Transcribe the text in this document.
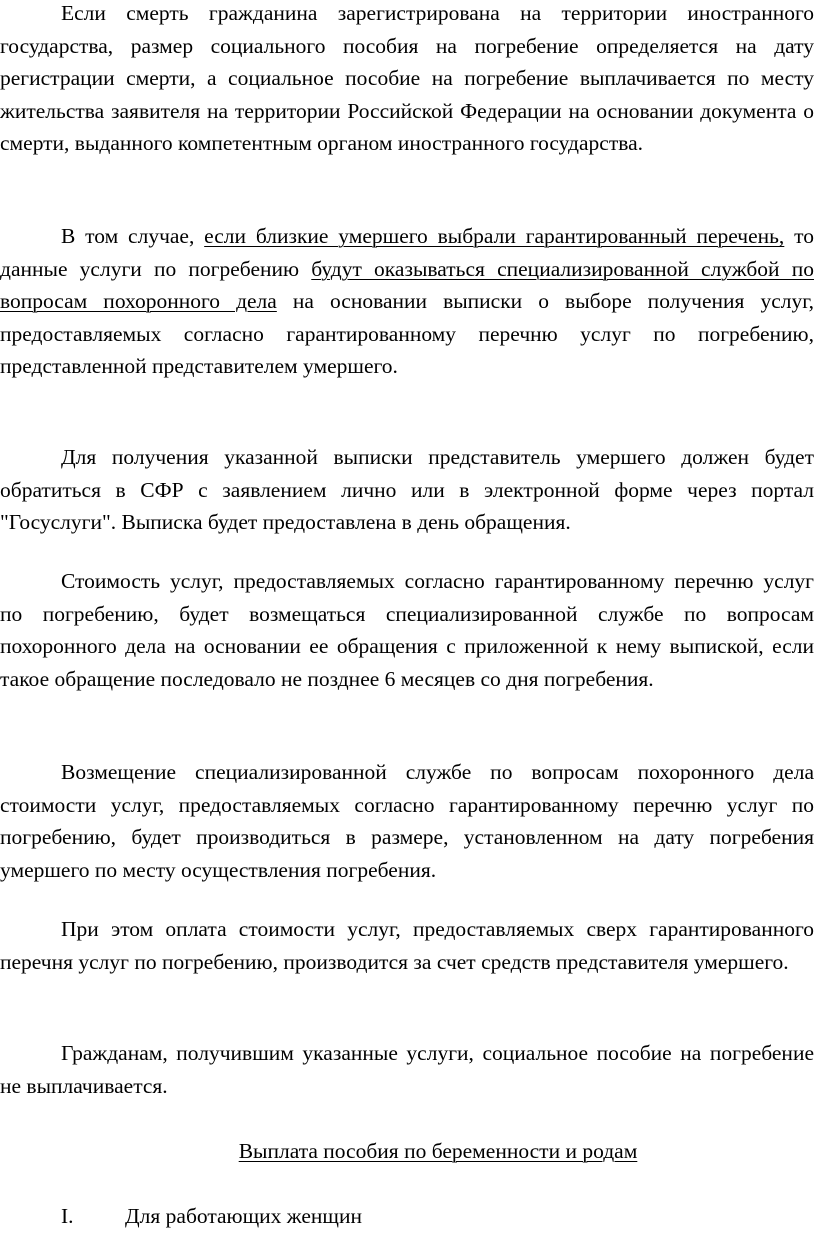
Если смерть гражданина зарегистрирована на территории иностранного государства, размер социального пособия на погребение определяется на дату регистрации смерти, а социальное пособие на погребение выплачивается по месту жительства заявителя на территории Российской Федерации на основании документа о смерти, выданного компетентным органом иностранного государства.

В том случае, если близкие умершего выбрали гарантированный перечень, то данные услуги по погребению будут оказываться специализированной службой по вопросам похоронного дела на основании выписки о выборе получения услуг, предоставляемых согласно гарантированному перечню услуг по погребению, представленной представителем умершего.

Для получения указанной выписки представитель умершего должен будет обратиться в СФР с заявлением лично или в электронной форме через портал "Госуслуги". Выписка будет предоставлена в день обращения.

Стоимость услуг, предоставляемых согласно гарантированному перечню услуг по погребению, будет возмещаться специализированной службе по вопросам похоронного дела на основании ее обращения с приложенной к нему выпиской, если такое обращение последовало не позднее 6 месяцев со дня погребения.

Возмещение специализированной службе по вопросам похоронного дела стоимости услуг, предоставляемых согласно гарантированному перечню услуг по погребению, будет производиться в размере, установленном на дату погребения умершего по месту осуществления погребения.

При этом оплата стоимости услуг, предоставляемых сверх гарантированного перечня услуг по погребению, производится за счет средств представителя умершего.

Гражданам, получившим указанные услуги, социальное пособие на погребение не выплачивается.

Выплата пособия по беременности и родам

I. Для работающих женщин
